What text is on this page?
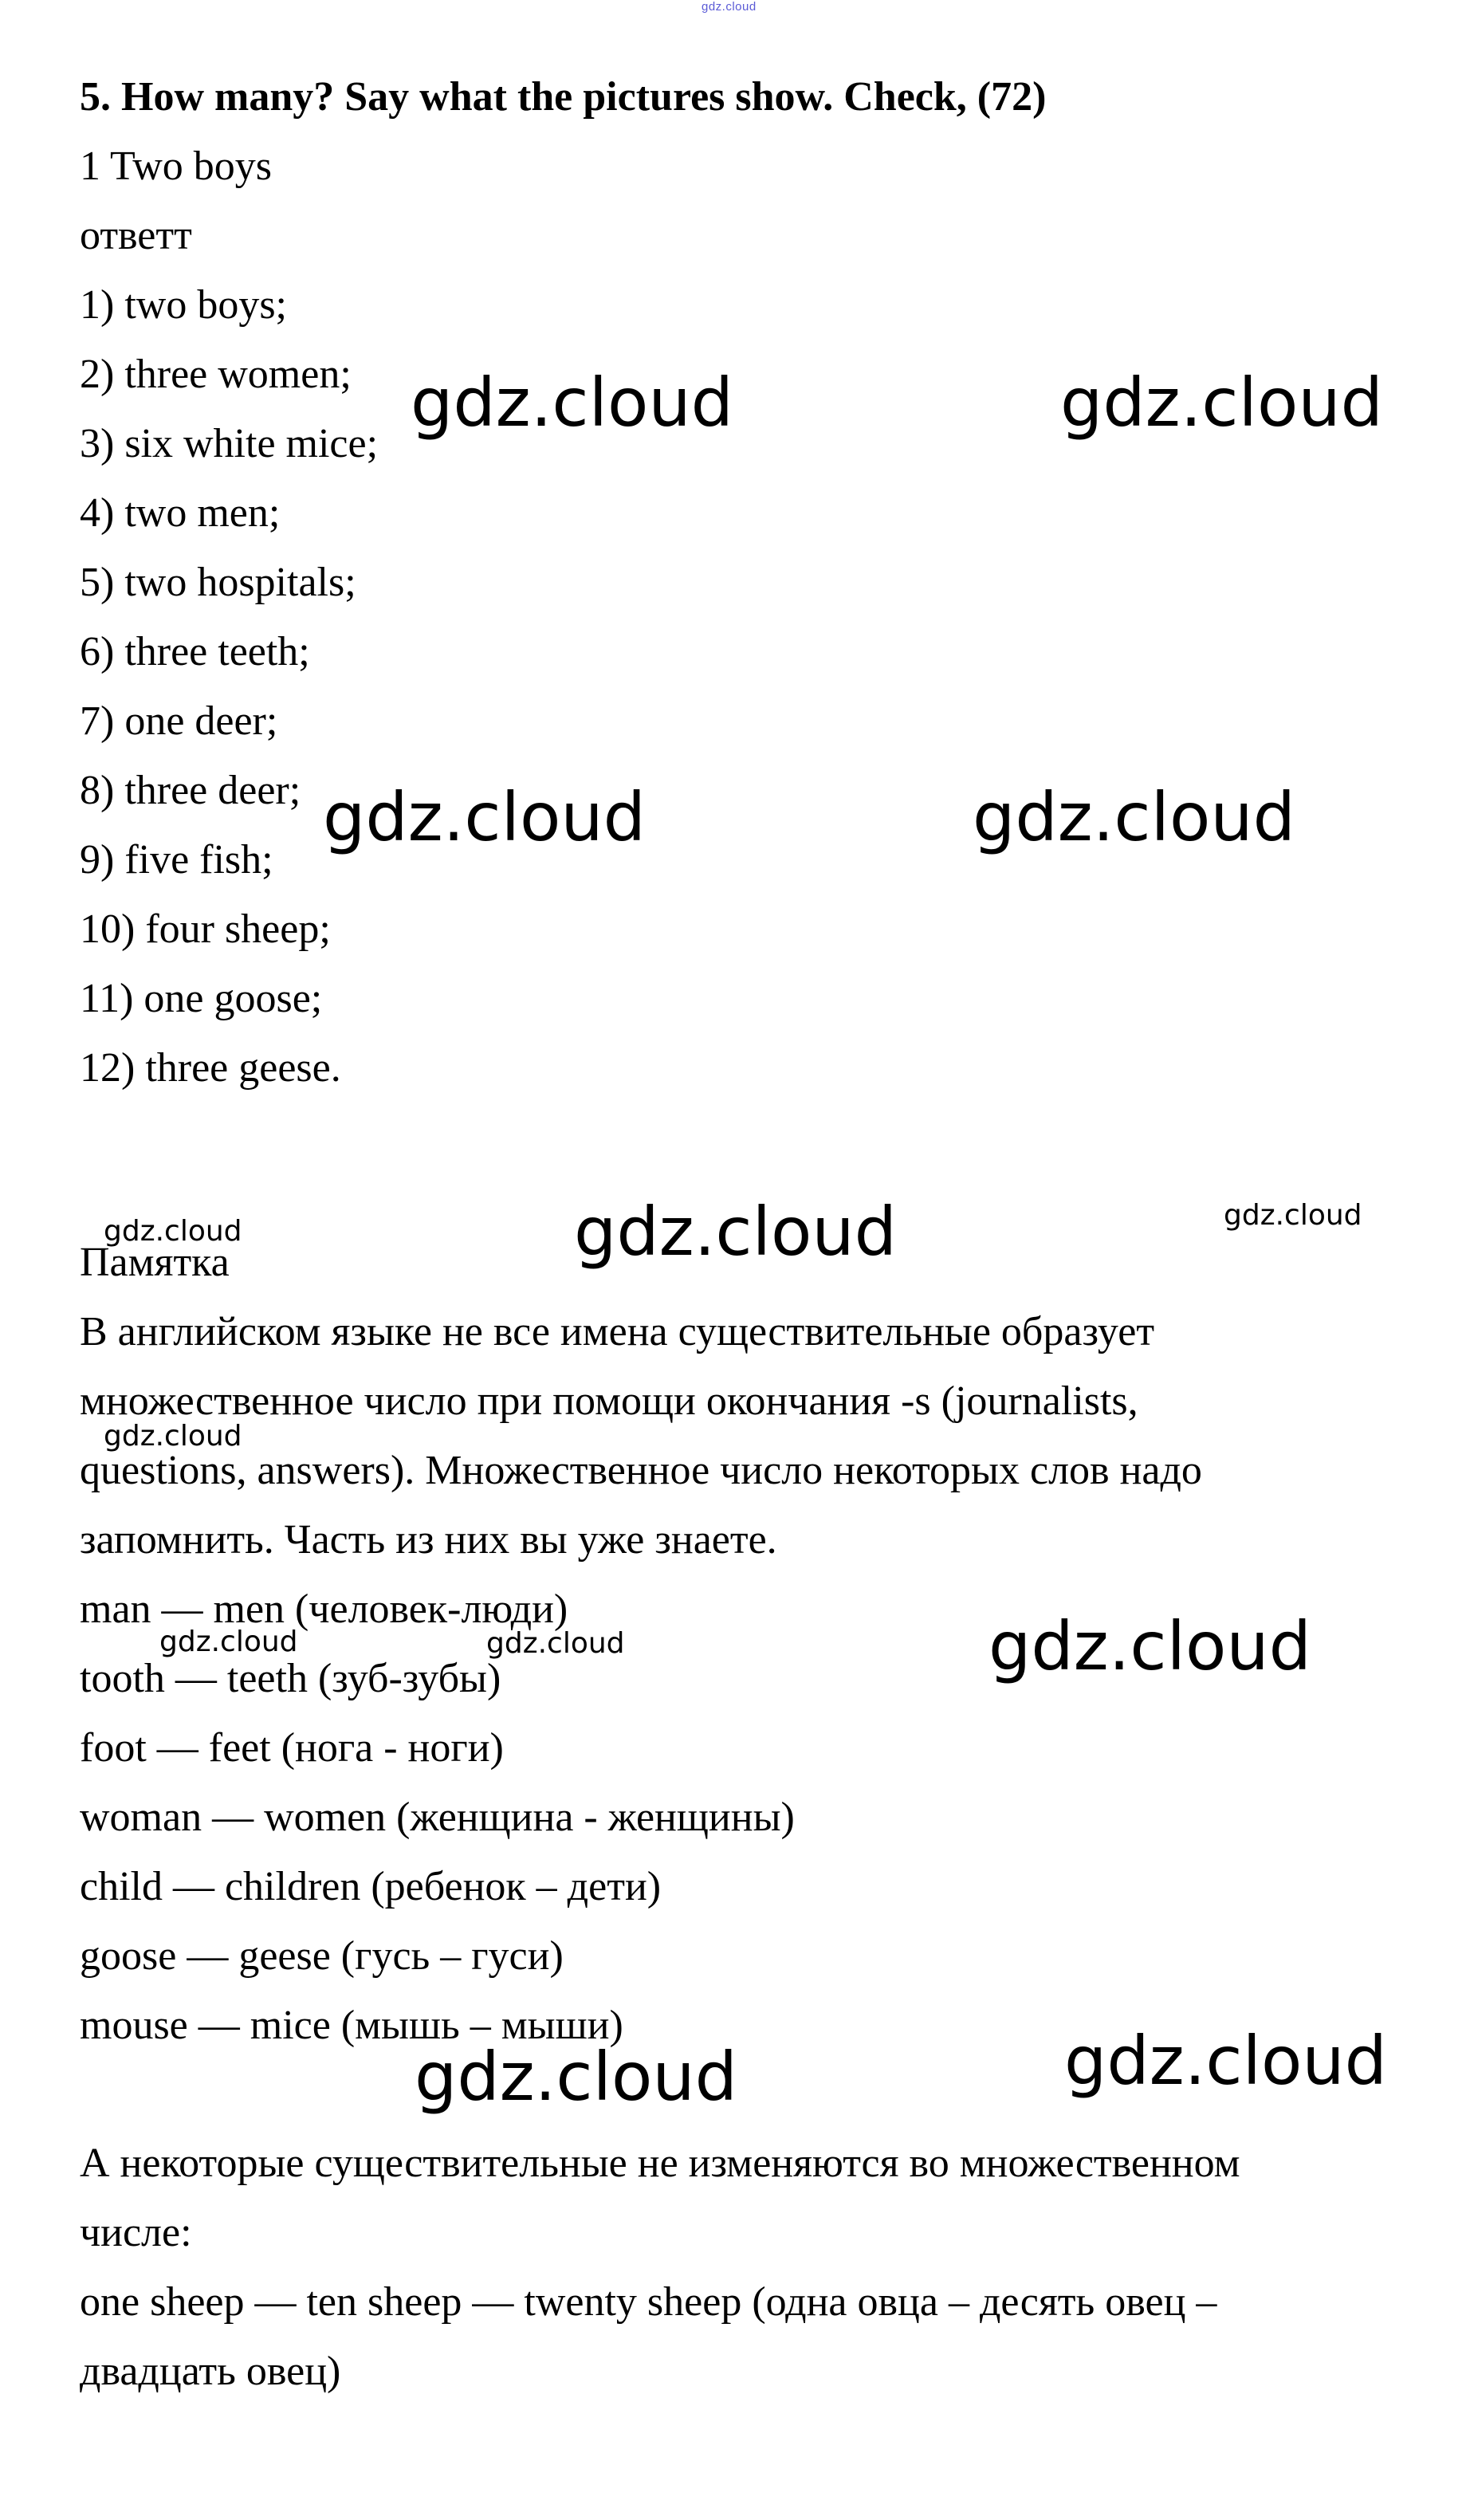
gdz.cloud
5. How many? Say what the pictures show. Check, (72)
1 Two boys
ответт
1) two boys;
2) three women;
3) six white mice;
4) two men;
5) two hospitals;
6) three teeth;
7) one deer;
8) three deer;
9) five fish;
10) four sheep;
11) one goose;
12) three geese.
Памятка
В английском языке не все имена существительные образует
множественное число при помощи окончания -s (journalists,
questions, answers). Множественное число некоторых слов надо
запомнить. Часть из них вы уже знаете.
man — men (человек-люди)
tooth — teeth (зуб-зубы)
foot — feet (нога - ноги)
woman — women (женщина - женщины)
child — children (ребенок – дети)
goose — geese (гусь – гуси)
mouse — mice (мышь – мыши)
А некоторые существительные не изменяются во множественном
числе:
one sheep — ten sheep — twenty sheep (одна овца – десять овец –
двадцать овец)
gdz.cloud	gdz.cloud
gdz.cloud	gdz.cloud
gdz.cloud
gdz.cloud
gdz.cloud	gdz.cloud
gdz.cloud	gdz.cloud
gdz.cloud
gdz.cloud	gdz.cloud
